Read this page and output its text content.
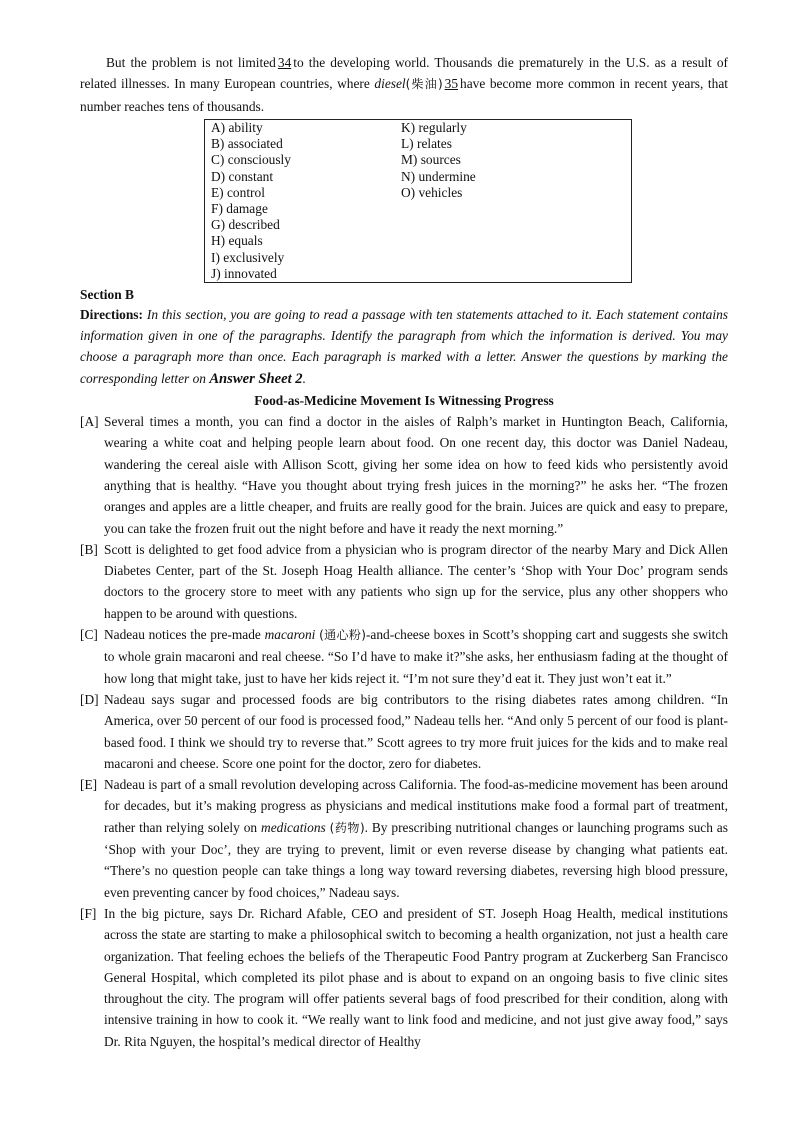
But the problem is not limited 34 to the developing world. Thousands die prematurely in the U.S. as a result of related illnesses. In many European countries, where diesel(柴油) 35 have become more common in recent years, that number reaches tens of thousands.

A) ability

B) associated

C) consciously

D) constant

E) control

F) damage

G) described

H) equals

I) exclusively

J) innovated

K) regularly

L) relates

M) sources

N) undermine

O) vehicles

Section B

Directions: In this section, you are going to read a passage with ten statements attached to it. Each statement contains information given in one of the paragraphs. Identify the paragraph from which the information is derived. You may choose a paragraph more than once. Each paragraph is marked with a letter. Answer the questions by marking the corresponding letter on Answer Sheet 2.

Food-as-Medicine Movement Is Witnessing Progress

[A] Several times a month, you can find a doctor in the aisles of Ralph’s market in Huntington Beach, California, wearing a white coat and helping people learn about food. On one recent day, this doctor was Daniel Nadeau, wandering the cereal aisle with Allison Scott, giving her some idea on how to feed kids who persistently avoid anything that is healthy. “Have you thought about trying fresh juices in the morning?” he asks her. “The frozen oranges and apples are a little cheaper, and fruits are really good for the brain. Juices are quick and easy to prepare, you can take the frozen fruit out the night before and have it ready the next morning.”

[B] Scott is delighted to get food advice from a physician who is program director of the nearby Mary and Dick Allen Diabetes Center, part of the St. Joseph Hoag Health alliance. The center’s ‘Shop with Your Doc’ program sends doctors to the grocery store to meet with any patients who sign up for the service, plus any other shoppers who happen to be around with questions.

[C] Nadeau notices the pre-made macaroni (通心粉)-and-cheese boxes in Scott’s shopping cart and suggests she switch to whole grain macaroni and real cheese. “So I’d have to make it?”she asks, her enthusiasm fading at the thought of how long that might take, just to have her kids reject it. “I’m not sure they’d eat it. They just won’t eat it.”

[D] Nadeau says sugar and processed foods are big contributors to the rising diabetes rates among children. “In America, over 50 percent of our food is processed food,” Nadeau tells her. “And only 5 percent of our food is plant-based food. I think we should try to reverse that.” Scott agrees to try more fruit juices for the kids and to make real macaroni and cheese. Score one point for the doctor, zero for diabetes.

[E] Nadeau is part of a small revolution developing across California. The food-as-medicine movement has been around for decades, but it’s making progress as physicians and medical institutions make food a formal part of treatment, rather than relying solely on medications (药物). By prescribing nutritional changes or launching programs such as ‘Shop with your Doc’, they are trying to prevent, limit or even reverse disease by changing what patients eat. “There’s no question people can take things a long way toward reversing diabetes, reversing high blood pressure, even preventing cancer by food choices,” Nadeau says.

[F] In the big picture, says Dr. Richard Afable, CEO and president of ST. Joseph Hoag Health, medical institutions across the state are starting to make a philosophical switch to becoming a health organization, not just a health care organization. That feeling echoes the beliefs of the Therapeutic Food Pantry program at Zuckerberg San Francisco General Hospital, which completed its pilot phase and is about to expand on an ongoing basis to five clinic sites throughout the city. The program will offer patients several bags of food prescribed for their condition, along with intensive training in how to cook it. “We really want to link food and medicine, and not just give away food,” says Dr. Rita Nguyen, the hospital’s medical director of Healthy
